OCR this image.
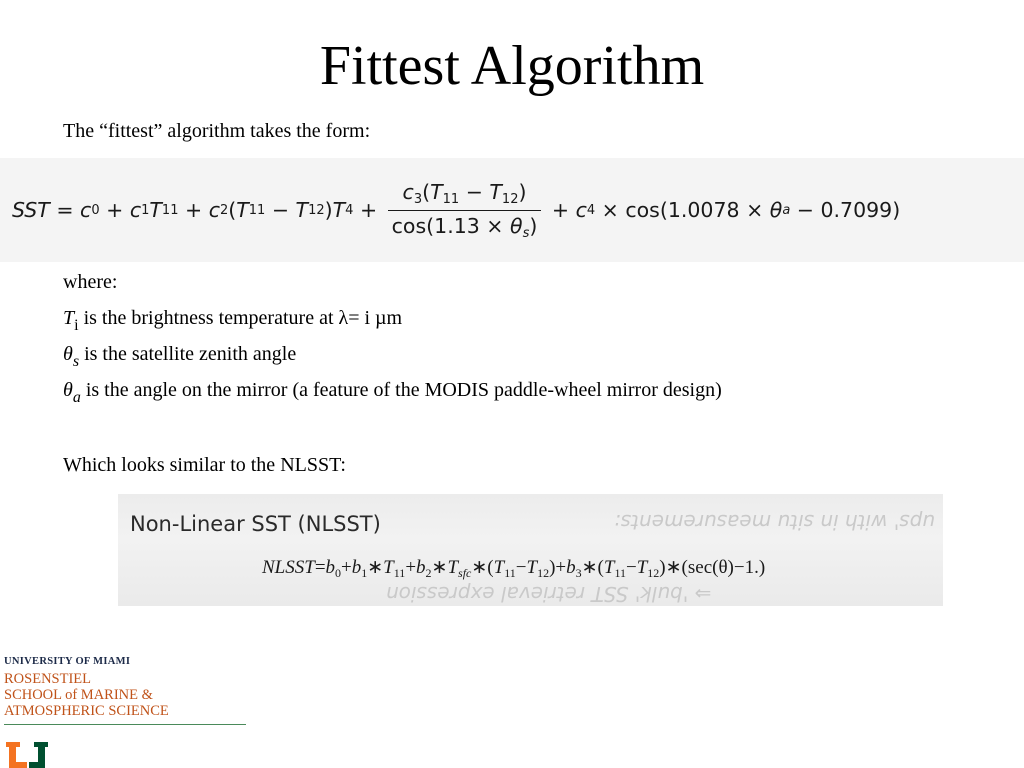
Fittest Algorithm
The “fittest” algorithm takes the form:
SST = c 0 + c 1 T 11 + c 2 ( T 11 − T 12 ) T $4 + \frac{c_3(T_{11} - T_{12})}{\cos(1.13 \times \theta_s)} + c$ 4 × cos(1.0078 × θ a − 0.7099)
where:
$T_i$ is the brightness temperature at λ= i µm
$\theta_s$ is the satellite zenith angle
$\theta_a$ is the angle on the mirror (a feature of the MODIS paddle-wheel mirror design)
Which looks similar to the NLSST:
ups' with in situ measurements:
⇒ 'bulk' SST retrieval expression
Non-Linear SST (NLSST)
$NLSST=b_0+b_1∗T_{11}+b_2∗T_{sfc}∗(T_{11}-T_{12})+b_3∗(T_{11}-T_{12})∗(\sec(\theta)-1.)$
UNIVERSITY OF MIAMI
ROSENSTIEL
SCHOOL of MARINE &
ATMOSPHERIC SCIENCE
